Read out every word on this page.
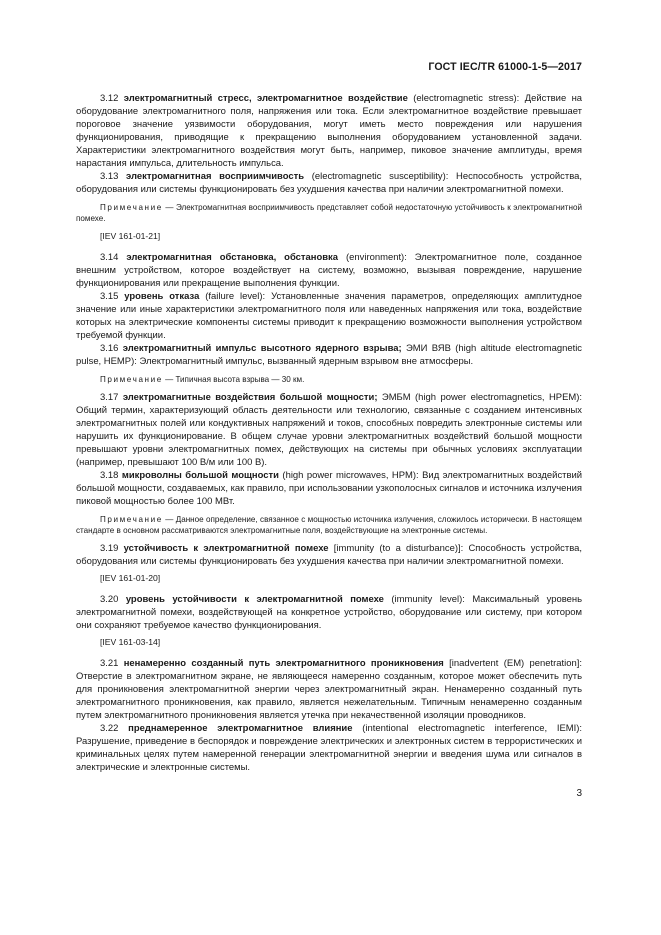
ГОСТ IEC/TR 61000-1-5—2017

3.12 электромагнитный стресс, электромагнитное воздействие (electromagnetic stress): Действие на оборудование электромагнитного поля, напряжения или тока. Если электромагнитное воздействие превышает пороговое значение уязвимости оборудования, могут иметь место повреждения или нарушения функционирования, приводящие к прекращению выполнения оборудованием установленной задачи. Характеристики электромагнитного воздействия могут быть, например, пиковое значение амплитуды, время нарастания импульса, длительность импульса.

3.13 электромагнитная восприимчивость (electromagnetic susceptibility): Неспособность устройства, оборудования или системы функционировать без ухудшения качества при наличии электромагнитной помехи.

Примечание — Электромагнитная восприимчивость представляет собой недостаточную устойчивость к электромагнитной помехе.

[IEV 161-01-21]

3.14 электромагнитная обстановка, обстановка (environment): Электромагнитное поле, созданное внешним устройством, которое воздействует на систему, возможно, вызывая повреждение, нарушение функционирования или прекращение выполнения функции.

3.15 уровень отказа (failure level): Установленные значения параметров, определяющих амплитудное значение или иные характеристики электромагнитного поля или наведенных напряжения или тока, воздействие которых на электрические компоненты системы приводит к прекращению возможности выполнения устройством требуемой функции.

3.16 электромагнитный импульс высотного ядерного взрыва; ЭМИ ВЯВ (high altitude electromagnetic pulse, HEMP): Электромагнитный импульс, вызванный ядерным взрывом вне атмосферы.

Примечание — Типичная высота взрыва — 30 км.

3.17 электромагнитные воздействия большой мощности; ЭМБМ (high power electromagnetics, HPEM): Общий термин, характеризующий область деятельности или технологию, связанные с созданием интенсивных электромагнитных полей или кондуктивных напряжений и токов, способных повредить электронные системы или нарушить их функционирование. В общем случае уровни электромагнитных воздействий большой мощности превышают уровни электромагнитных помех, действующих на системы при обычных условиях эксплуатации (например, превышают 100 В/м или 100 В).

3.18 микроволны большой мощности (high power microwaves, HPM): Вид электромагнитных воздействий большой мощности, создаваемых, как правило, при использовании узкополосных сигналов и источника излучения пиковой мощностью более 100 МВт.

Примечание — Данное определение, связанное с мощностью источника излучения, сложилось исторически. В настоящем стандарте в основном рассматриваются электромагнитные поля, воздействующие на электронные системы.

3.19 устойчивость к электромагнитной помехе [immunity (to a disturbance)]: Способность устройства, оборудования или системы функционировать без ухудшения качества при наличии электромагнитной помехи.

[IEV 161-01-20]

3.20 уровень устойчивости к электромагнитной помехе (immunity level): Максимальный уровень электромагнитной помехи, воздействующей на конкретное устройство, оборудование или систему, при котором они сохраняют требуемое качество функционирования.

[IEV 161-03-14]

3.21 ненамеренно созданный путь электромагнитного проникновения [inadvertent (EM) penetration]: Отверстие в электромагнитном экране, не являющееся намеренно созданным, которое может обеспечить путь для проникновения электромагнитной энергии через электромагнитный экран. Ненамеренно созданный путь электромагнитного проникновения, как правило, является нежелательным. Типичным ненамеренно созданным путем электромагнитного проникновения является утечка при некачественной изоляции проводников.

3.22 преднамеренное электромагнитное влияние (intentional electromagnetic interference, IEMI): Разрушение, приведение в беспорядок и повреждение электрических и электронных систем в террористических и криминальных целях путем намеренной генерации электромагнитной энергии и введения шума или сигналов в электрические и электронные системы.

3
